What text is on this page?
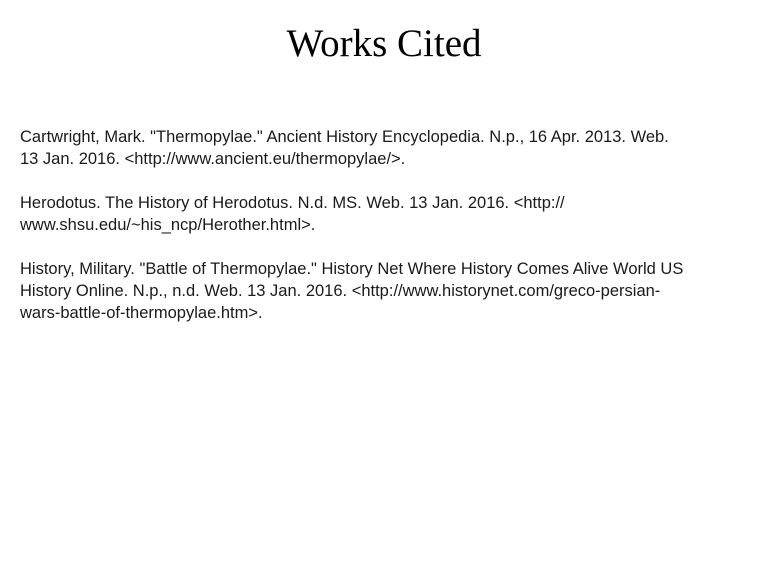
Works Cited
Cartwright, Mark. "Thermopylae." Ancient History Encyclopedia. N.p., 16 Apr. 2013. Web.
13 Jan. 2016. <http://www.ancient.eu/thermopylae/>.
Herodotus. The History of Herodotus. N.d. MS. Web. 13 Jan. 2016. <http://
www.shsu.edu/~his_ncp/Herother.html>.
History, Military. "Battle of Thermopylae." History Net Where History Comes Alive World US
History Online. N.p., n.d. Web. 13 Jan. 2016. <http://www.historynet.com/greco-persian-
wars-battle-of-thermopylae.htm>.
